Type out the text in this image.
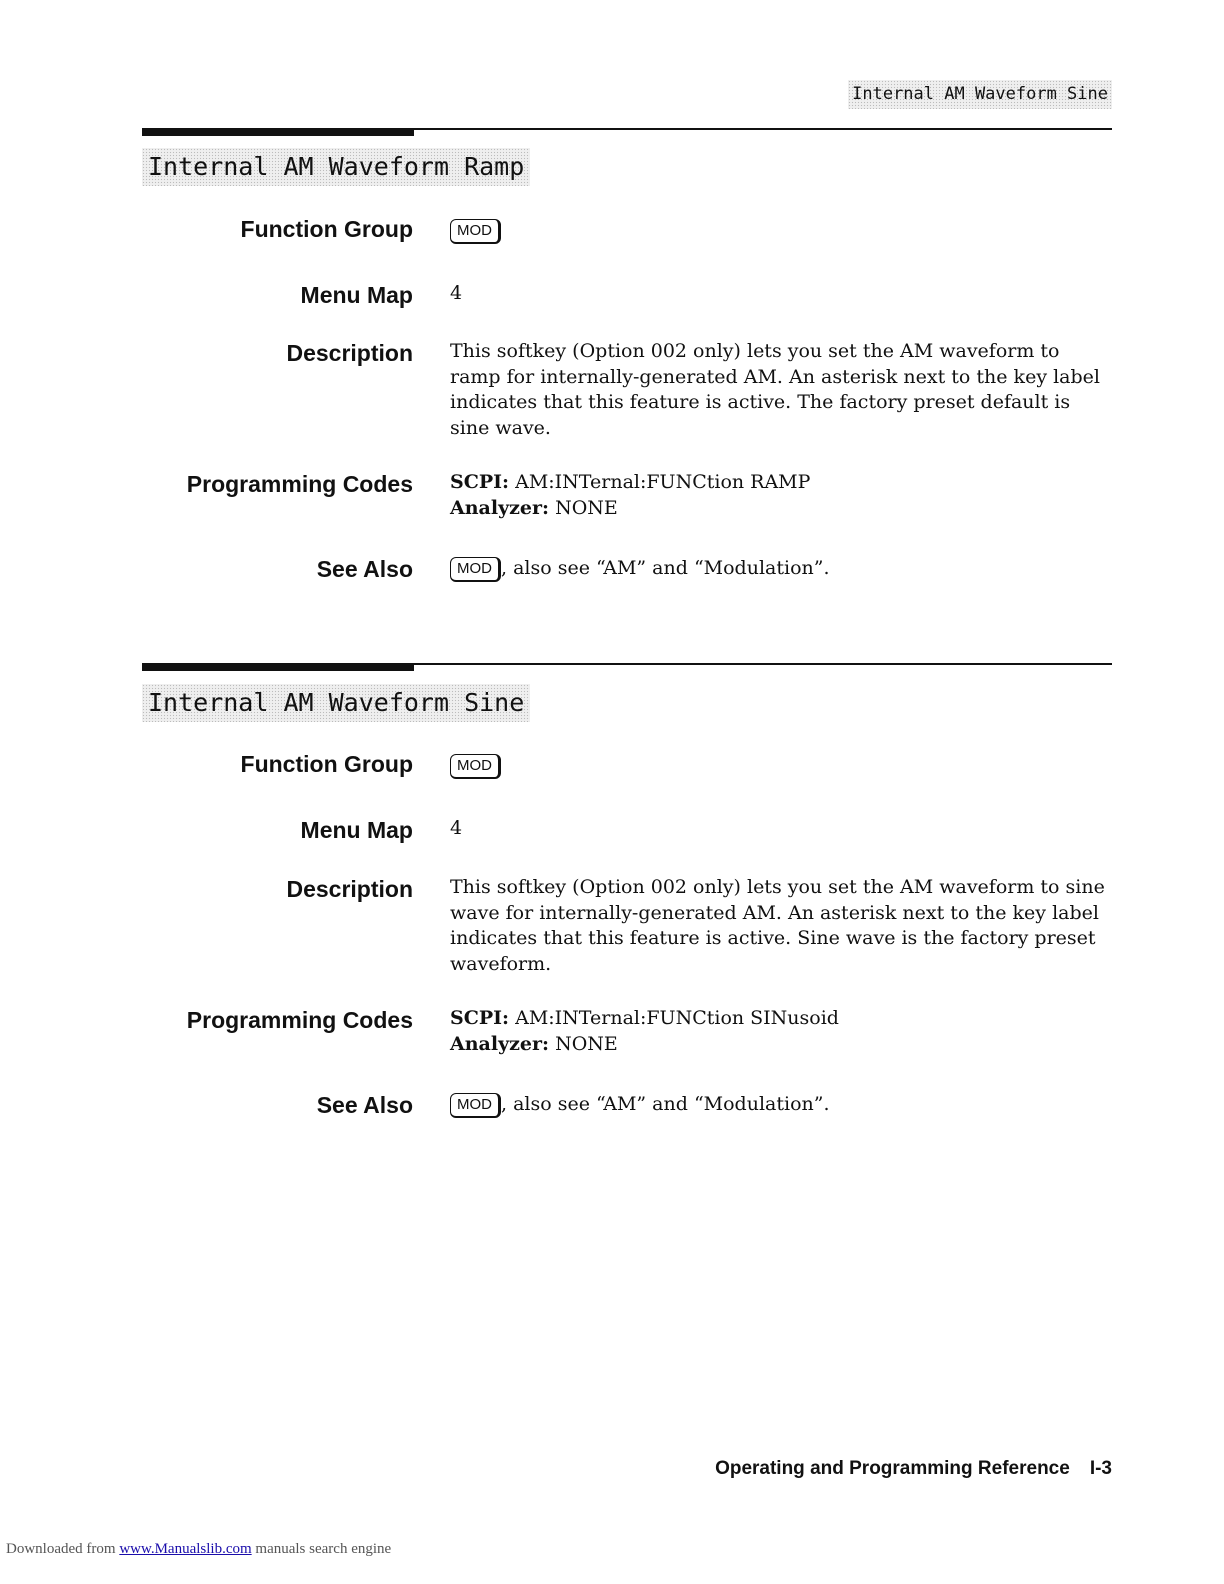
Internal AM Waveform Sine
Internal AM Waveform Ramp
Function Group	MOD
Menu Map 4
Description This softkey (Option 002 only) lets you set the AM waveform to ramp for internally-generated AM. An asterisk next to the key label indicates that this feature is active. The factory preset default is sine wave.
Programming Codes SCPI: AM:INTernal:FUNCtion RAMP
Analyzer: NONE
See Also	MOD , also see “AM” and “Modulation”.
Internal AM Waveform Sine
Function Group	MOD
Menu Map 4
Description This softkey (Option 002 only) lets you set the AM waveform to sine wave for internally-generated AM. An asterisk next to the key label indicates that this feature is active. Sine wave is the factory preset waveform.
Programming Codes SCPI: AM:INTernal:FUNCtion SINusoid
Analyzer: NONE
See Also	MOD , also see “AM” and “Modulation”.
Operating and Programming Reference I-3
Downloaded from www.Manualslib.com manuals search engine
